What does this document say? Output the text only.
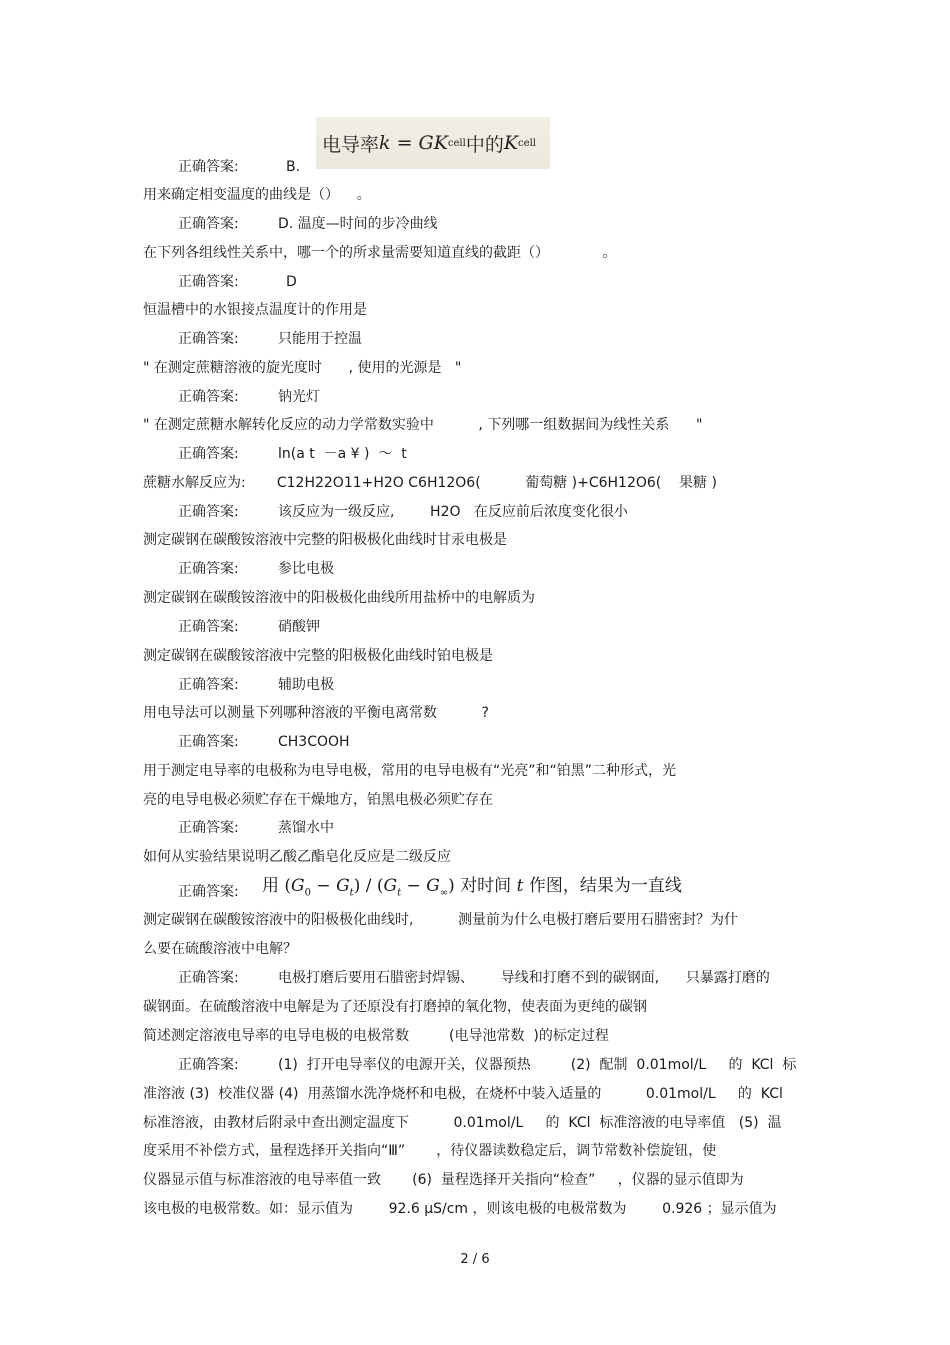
电导率 k = GK cell 中的 K cell
正确答案:	B.
用来确定相变温度的曲线是（）    。
正确答案:	D. 温度—时间的步冷曲线
在下列各组线性关系中，哪一个的所求量需要知道直线的截距（）            。
正确答案:	D
恒温槽中的水银接点温度计的作用是
正确答案:	只能用于控温
" 在测定蔗糖溶液的旋光度时      , 使用的光源是   "
正确答案:	钠光灯
" 在测定蔗糖水解转化反应的动力学常数实验中          , 下列哪一组数据间为线性关系      "
正确答案:	ln(a t  －a ¥ )  ～  t
蔗糖水解反应为:       C12H22O11+H2O C6H12O6(          葡萄糖 )+C6H12O6(    果糖 )
正确答案:	该反应为一级反应,        H2O   在反应前后浓度变化很小
测定碳钢在碳酸铵溶液中完整的阳极极化曲线时甘汞电极是
正确答案:	参比电极
测定碳钢在碳酸铵溶液中的阳极极化曲线所用盐桥中的电解质为
正确答案:	硝酸钾
测定碳钢在碳酸铵溶液中完整的阳极极化曲线时铂电极是
正确答案:	辅助电极
用电导法可以测量下列哪种溶液的平衡电离常数          ?
正确答案:	CH3COOH
用于测定电导率的电极称为电导电极，常用的电导电极有“光亮”和“铂黑”二种形式，光
亮的电导电极必须贮存在干燥地方，铂黑电极必须贮存在
正确答案:	蒸馏水中
如何从实验结果说明乙酸乙酯皂化反应是二级反应
正确答案: 用 $(G_0 - G_t) / (G_t - G_\infty)$ 对时间 t 作图，结果为一直线
测定碳钢在碳酸铵溶液中的阳极极化曲线时,          测量前为什么电极打磨后要用石腊密封？为什
么要在硫酸溶液中电解？
正确答案:	电极打磨后要用石腊密封焊锡、      导线和打磨不到的碳钢面,      只暴露打磨的
碳钢面。在硫酸溶液中电解是为了还原没有打磨掉的氧化物，使表面为更纯的碳钢
简述测定溶液电导率的电导电极的电极常数         (电导池常数  )的标定过程
正确答案:	(1)  打开电导率仪的电源开关，仪器预热         (2)  配制  0.01mol/L     的  KCl  标
准溶液 (3)  校准仪器 (4)  用蒸馏水洗净烧杯和电极，在烧杯中装入适量的          0.01mol/L     的  KCl
标准溶液，由教材后附录中查出测定温度下          0.01mol/L     的  KCl  标准溶液的电导率值   (5)  温
度采用不补偿方式，量程选择开关指向“Ⅲ”       ，待仪器读数稳定后，调节常数补偿旋钮，使
仪器显示值与标准溶液的电导率值一致       (6)  量程选择开关指向“检查”     ，仪器的显示值即为
该电极的电极常数。如：显示值为        92.6 μS/cm ，则该电极的电极常数为        0.926 ；显示值为
2 / 6
